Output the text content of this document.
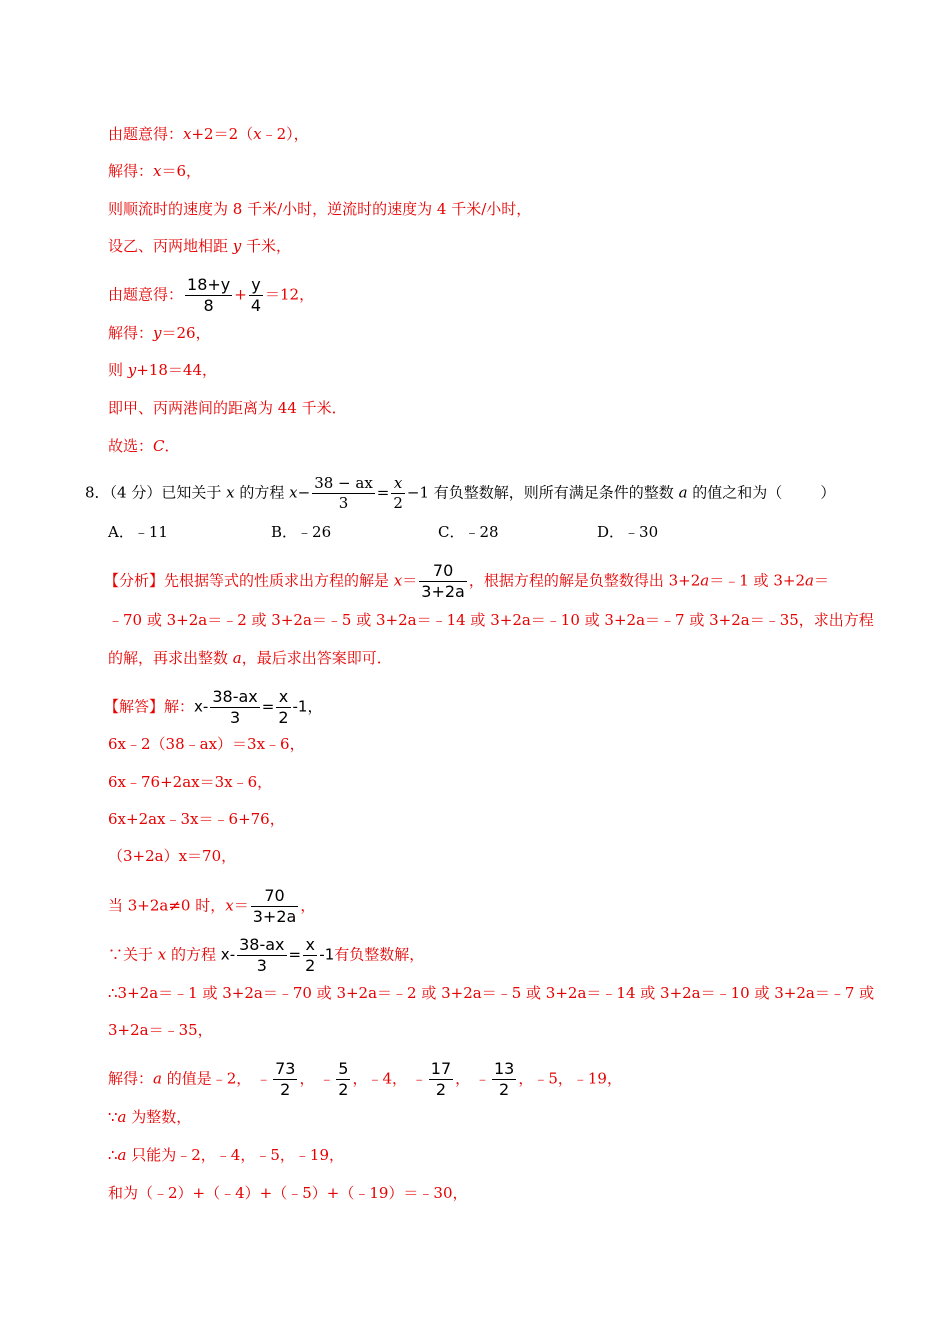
由题意得：x+2＝2（x﹣2），
解得：x＝6，
则顺流时的速度为 8 千米/小时，逆流时的速度为 4 千米/小时，
设乙、丙两地相距 y 千米，
由题意得： $\frac{18+y}{8} + \frac{y}{4} =12$，
解得：y＝26，
则 y+18＝44，
即甲、丙两港间的距离为 44 千米．
故选：C．
8．（4 分）已知关于 x 的方程 $x- \frac{38 - ax}{3} = \frac{x}{2} -1$ 有负整数解，则所有满足条件的整数 a 的值之和为（	）
A．﹣11	B．﹣26	C．﹣28	D．﹣30
【分析】先根据等式的性质求出方程的解是 $x= \frac{70}{3+2a}$ ，根据方程的解是负整数得出 3+2a＝﹣1 或 3+2a＝
﹣70 或 3+2a＝﹣2 或 3+2a＝﹣5 或 3+2a＝﹣14 或 3+2a＝﹣10 或 3+2a＝﹣7 或 3+2a＝﹣35，求出方程
的解，再求出整数 a，最后求出答案即可．
【解答】解：$x- \frac{38-ax}{3} = \frac{x}{2} -1$，
6x﹣2（38﹣ax）＝3x﹣6，
6x﹣76+2ax＝3x﹣6，
6x+2ax﹣3x＝﹣6+76，
（3+2a）x＝70，
当 3+2a≠0 时，$x= \frac{70}{3+2a}$ ，
∵关于 x 的方程 $x- \frac{38-ax}{3} = \frac{x}{2} -1$有负整数解，
∴3+2a＝﹣1 或 3+2a＝﹣70 或 3+2a＝﹣2 或 3+2a＝﹣5 或 3+2a＝﹣14 或 3+2a＝﹣10 或 3+2a＝﹣7 或
3+2a＝﹣35，
解得：a 的值是﹣2， ﹣ $\frac{73}{2}$ ， ﹣ $\frac{5}{2}$ ，﹣4， ﹣ $\frac{17}{2}$ ， ﹣ $\frac{13}{2}$ ，﹣5，﹣19，
∵a 为整数，
∴a 只能为﹣2，﹣4，﹣5，﹣19，
和为（﹣2）+（﹣4）+（﹣5）+（﹣19）＝﹣30，
